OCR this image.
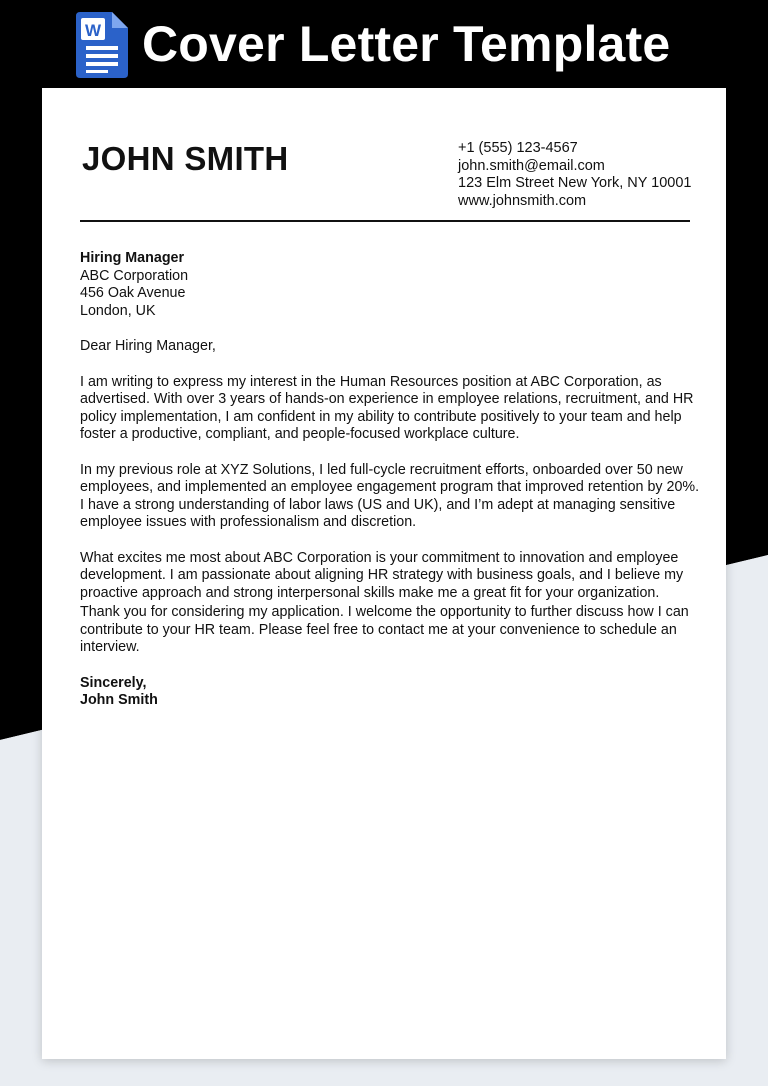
W Cover Letter Template
JOHN SMITH	+1 (555) 123-4567
john.smith@email.com
123 Elm Street New York, NY 10001
www.johnsmith.com
Hiring Manager
ABC Corporation
456 Oak Avenue
London, UK
Dear Hiring Manager,
I am writing to express my interest in the Human Resources position at ABC Corporation, as advertised. With over 3 years of hands-on experience in employee relations, recruitment, and HR policy implementation, I am confident in my ability to contribute positively to your team and help foster a productive, compliant, and people-focused workplace culture.
In my previous role at XYZ Solutions, I led full-cycle recruitment efforts, onboarded over 50 new employees, and implemented an employee engagement program that improved retention by 20%. I have a strong understanding of labor laws (US and UK), and I’m adept at managing sensitive employee issues with professionalism and discretion.
What excites me most about ABC Corporation is your commitment to innovation and employee development. I am passionate about aligning HR strategy with business goals, and I believe my proactive approach and strong interpersonal skills make me a great fit for your organization.
Thank you for considering my application. I welcome the opportunity to further discuss how I can contribute to your HR team. Please feel free to contact me at your convenience to schedule an interview.
Sincerely,
John Smith
